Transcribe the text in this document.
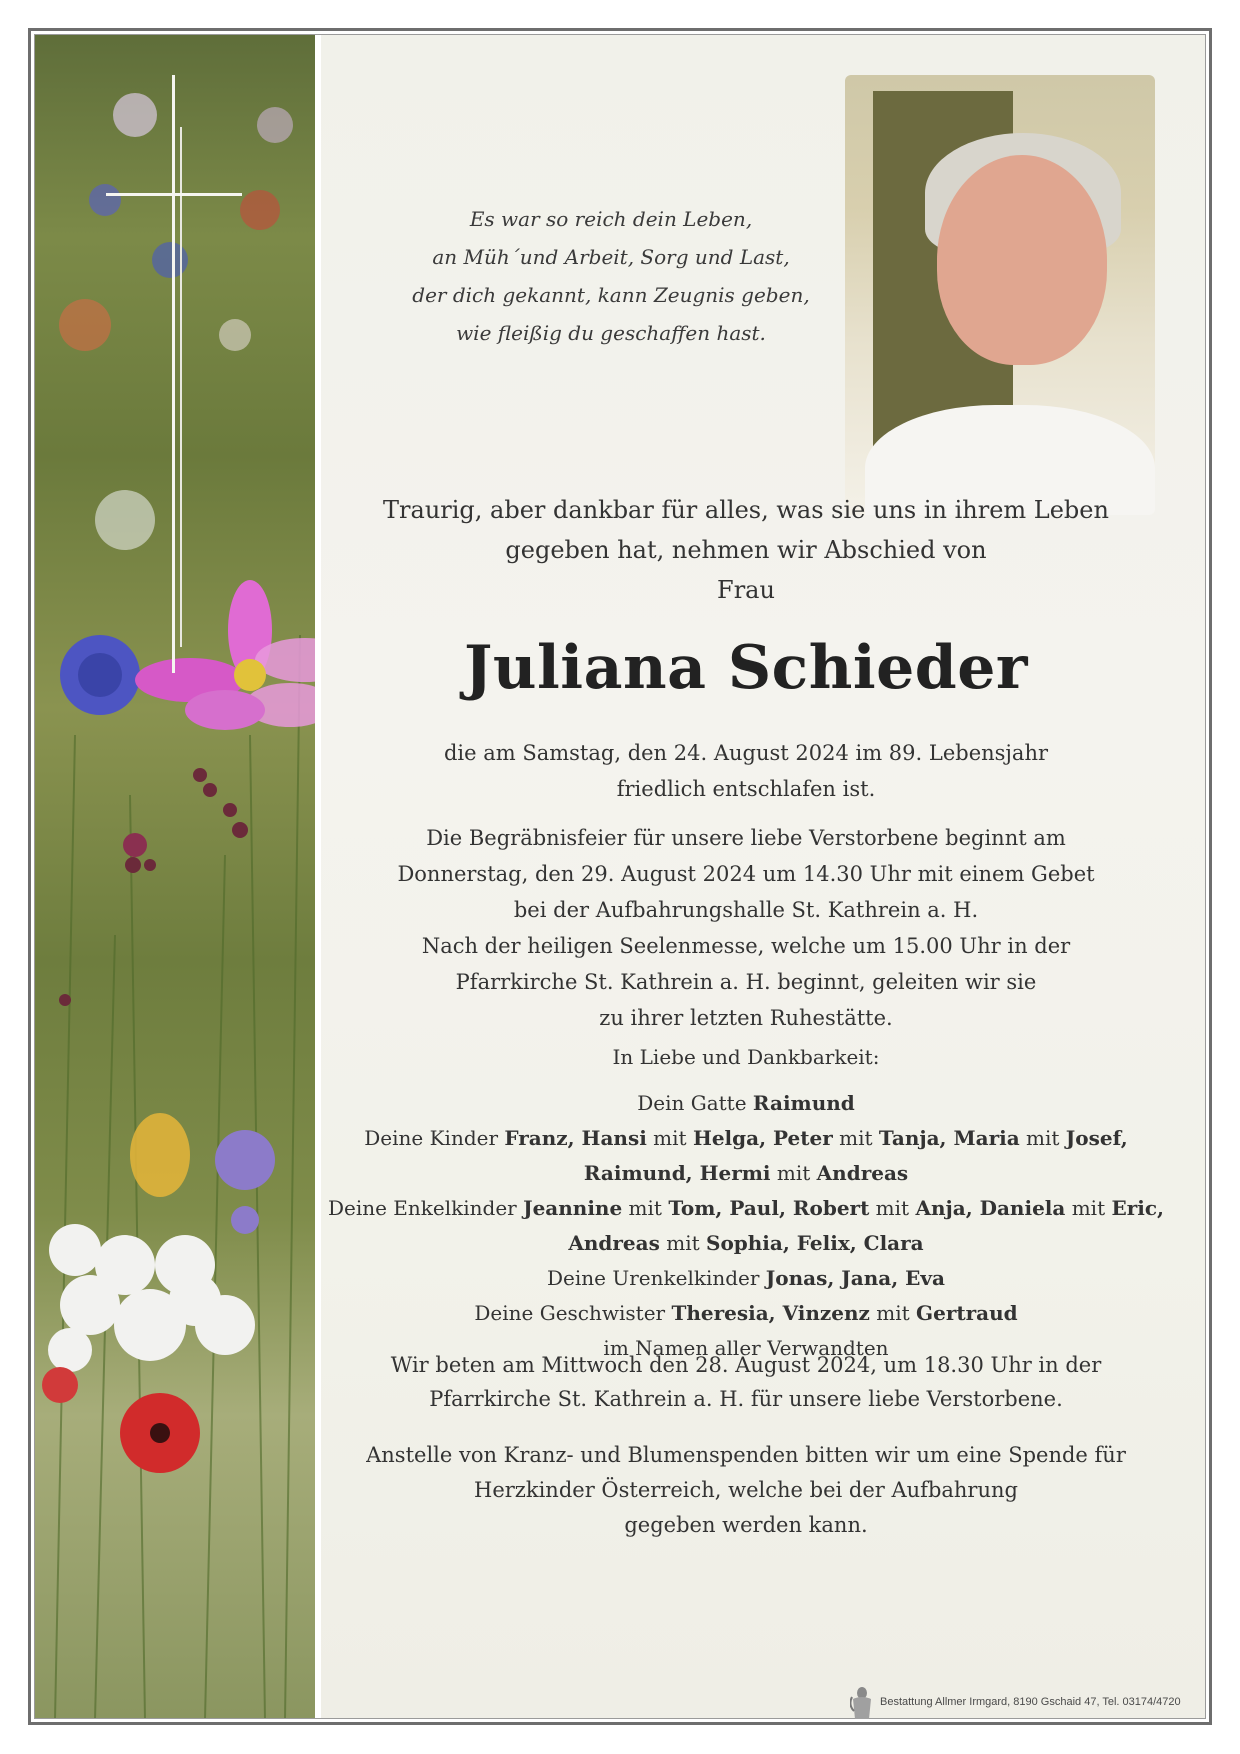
Es war so reich dein Leben,
an Müh´und Arbeit, Sorg und Last,
der dich gekannt, kann Zeugnis geben,
wie fleißig du geschaffen hast.
Traurig, aber dankbar für alles, was sie uns in ihrem Leben
gegeben hat, nehmen wir Abschied von
Frau
Juliana Schieder
die am Samstag, den 24. August 2024 im 89. Lebensjahr
friedlich entschlafen ist.
Die Begräbnisfeier für unsere liebe Verstorbene beginnt am
Donnerstag, den 29. August 2024 um 14.30 Uhr mit einem Gebet
bei der Aufbahrungshalle St. Kathrein a. H.
Nach der heiligen Seelenmesse, welche um 15.00 Uhr in der
Pfarrkirche St. Kathrein a. H. beginnt, geleiten wir sie
zu ihrer letzten Ruhestätte.
In Liebe und Dankbarkeit:
Dein Gatte Raimund
Deine Kinder Franz, Hansi mit Helga, Peter mit Tanja, Maria mit Josef,
Raimund, Hermi mit Andreas
Deine Enkelkinder Jeannine mit Tom, Paul, Robert mit Anja, Daniela mit Eric,
Andreas mit Sophia, Felix, Clara
Deine Urenkelkinder Jonas, Jana, Eva
Deine Geschwister Theresia, Vinzenz mit Gertraud
im Namen aller Verwandten
Wir beten am Mittwoch den 28. August 2024, um 18.30 Uhr in der
Pfarrkirche St. Kathrein a. H. für unsere liebe Verstorbene.
Anstelle von Kranz- und Blumenspenden bitten wir um eine Spende für
Herzkinder Österreich, welche bei der Aufbahrung
gegeben werden kann.
Bestattung Allmer Irmgard, 8190 Gschaid 47, Tel. 03174/4720
